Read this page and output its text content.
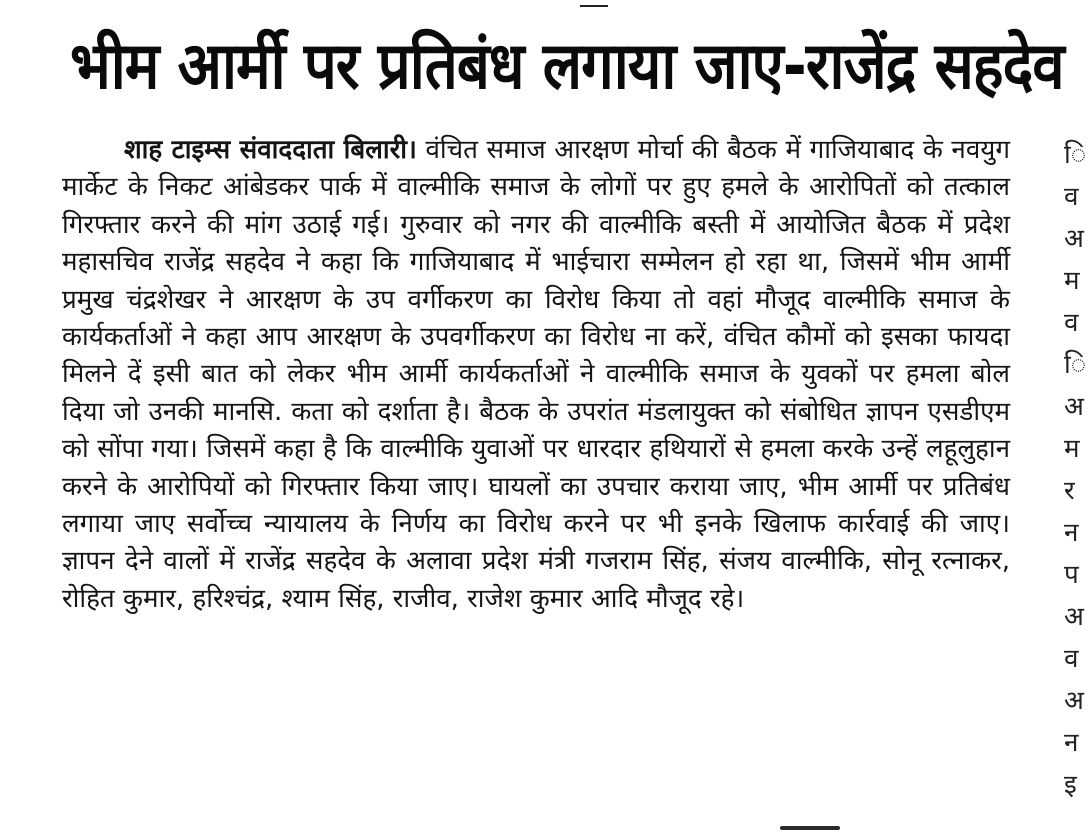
भीम आर्मी पर प्रतिबंध लगाया जाए-राजेंद्र सहदेव

शाह टाइम्स संवाददाता बिलारी। वंचित समाज आरक्षण मोर्चा की बैठक में गाजियाबाद के नवयुग मार्केट के निकट आंबेडकर पार्क में वाल्मीकि समाज के लोगों पर हुए हमले के आरोपितों को तत्काल गिरफ्तार करने की मांग उठाई गई। गुरुवार को नगर की वाल्मीकि बस्ती में आयोजित बैठक में प्रदेश महासचिव राजेंद्र सहदेव ने कहा कि गाजियाबाद में भाईचारा सम्मेलन हो रहा था, जिसमें भीम आर्मी प्रमुख चंद्रशेखर ने आरक्षण के उप वर्गीकरण का विरोध किया तो वहां मौजूद वाल्मीकि समाज के कार्यकर्ताओं ने कहा आप आरक्षण के उपवर्गीकरण का विरोध ना करें, वंचित कौमों को इसका फायदा मिलने दें इसी बात को लेकर भीम आर्मी कार्यकर्ताओं ने वाल्मीकि समाज के युवकों पर हमला बोल दिया जो उनकी मानसि. कता को दर्शाता है। बैठक के उपरांत मंडलायुक्त को संबोधित ज्ञापन एसडीएम को सोंपा गया। जिसमें कहा है कि वाल्मीकि युवाओं पर धारदार हथियारों से हमला करके उन्हें लहूलुहान करने के आरोपियों को गिरफ्तार किया जाए। घायलों का उपचार कराया जाए, भीम आर्मी पर प्रतिबंध लगाया जाए सर्वोच्च न्यायालय के निर्णय का विरोध करने पर भी इनके खिलाफ कार्रवाई की जाए। ज्ञापन देने वालों में राजेंद्र सहदेव के अलावा प्रदेश मंत्री गजराम सिंह, संजय वाल्मीकि, सोनू रत्नाकर, रोहित कुमार, हरिश्चंद्र, श्याम सिंह, राजीव, राजेश कुमार आदि मौजूद रहे।

ि
व
अ
म
व
ि
अ
म
र
न
प
अ
व
अ
न
इ
